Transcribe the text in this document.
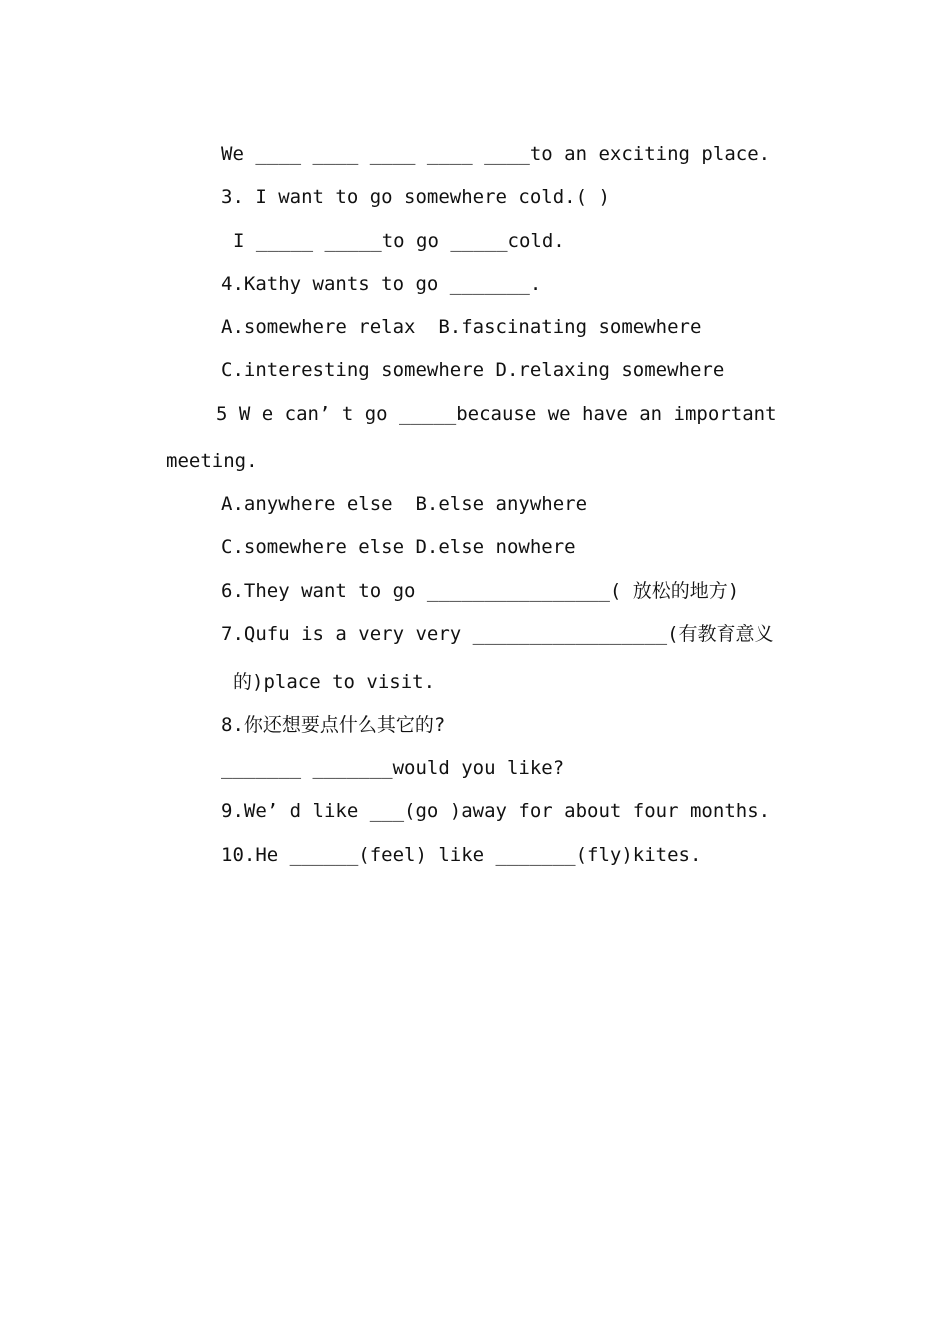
We ____ ____ ____ ____ ____to an exciting place.
3. I want to go somewhere cold.( )
I _____ _____to go _____cold.
4.Kathy wants to go _______.
A.somewhere relax  B.fascinating somewhere
C.interesting somewhere D.relaxing somewhere
5 W e can’ t go _____because we have an important
meeting.
A.anywhere else  B.else anywhere
C.somewhere else D.else nowhere
6.They want to go ________________( 放松的地方)
7.Qufu is a very very _________________(有教育意义
的)place to visit.
8.你还想要点什么其它的?
_______ _______would you like?
9.We’ d like ___(go )away for about four months.
10.He ______(feel) like _______(fly)kites.
